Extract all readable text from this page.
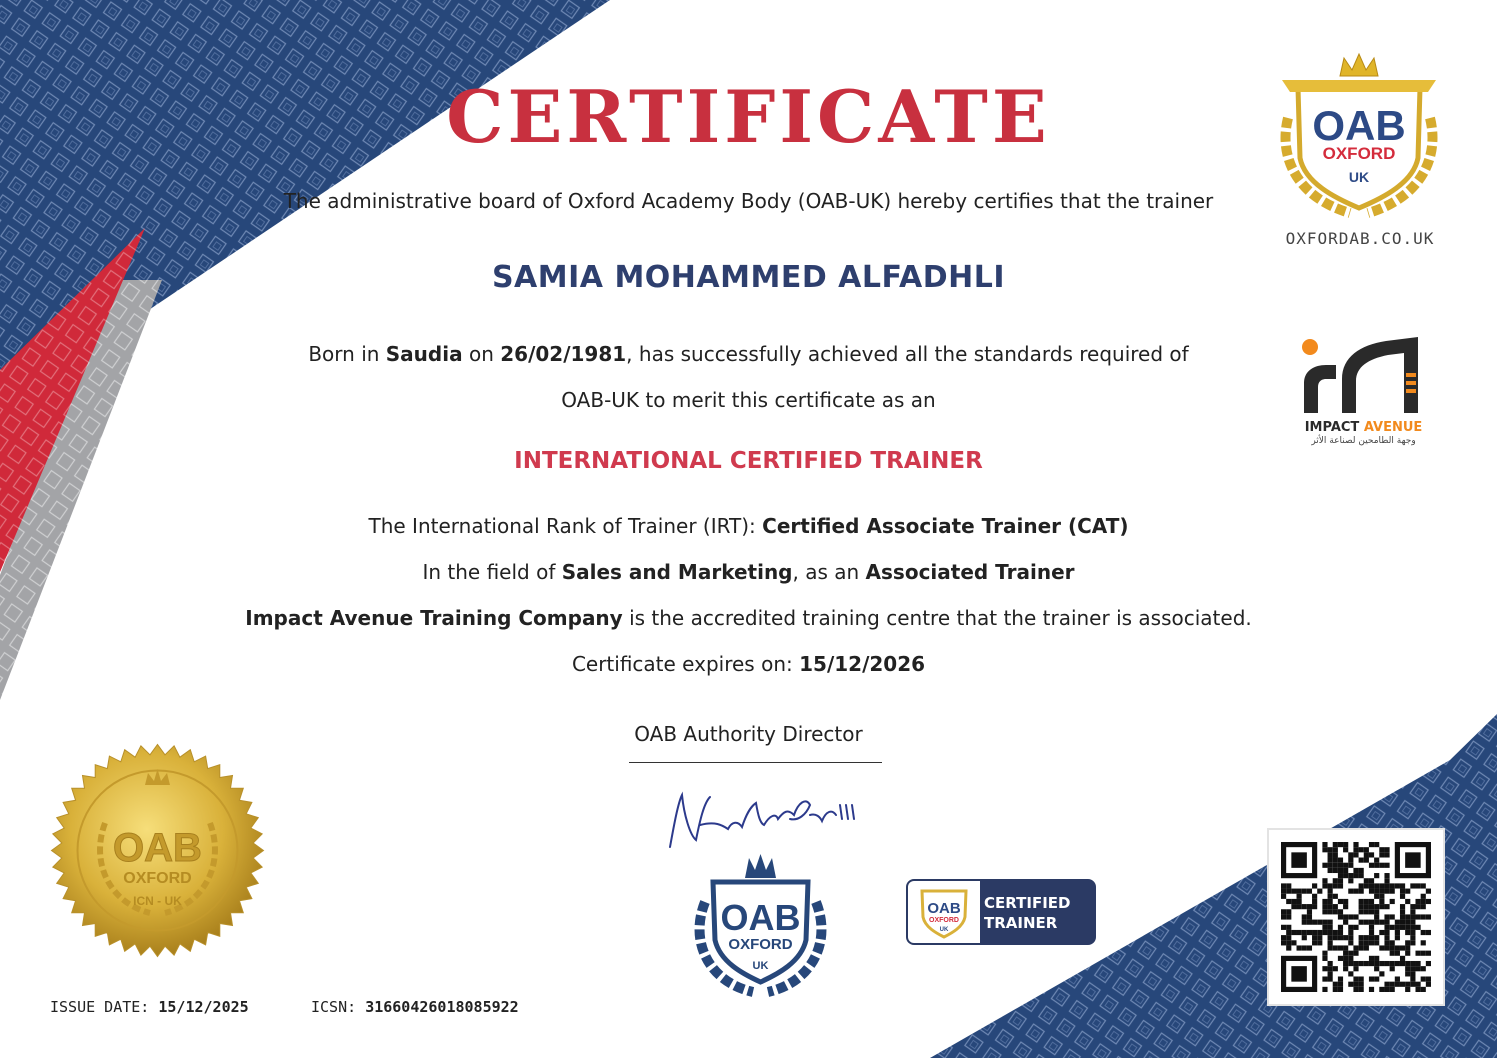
CERTIFICATE
The administrative board of Oxford Academy Body (OAB-UK) hereby certifies that the trainer
SAMIA MOHAMMED ALFADHLI
Born in Saudia on 26/02/1981, has successfully achieved all the standards required of
OAB-UK to merit this certificate as an
INTERNATIONAL CERTIFIED TRAINER
The International Rank of Trainer (IRT): Certified Associate Trainer (CAT)
In the field of Sales and Marketing, as an Associated Trainer
Impact Avenue Training Company is the accredited training centre that the trainer is associated.
Certificate expires on: 15/12/2026
OAB Authority Director
OAB
OXFORD
UK
OXFORDAB.CO.UK
IMPACT AVENUE
وجهة الطامحين لصناعة الأثر
OAB
OXFORD
ICN - UK	OAB
OXFORD
UK
OAB
OXFORD
UK
CERTIFIED
TRAINER
ISSUE DATE: 15/12/2025	ICSN: 31660426018085922
